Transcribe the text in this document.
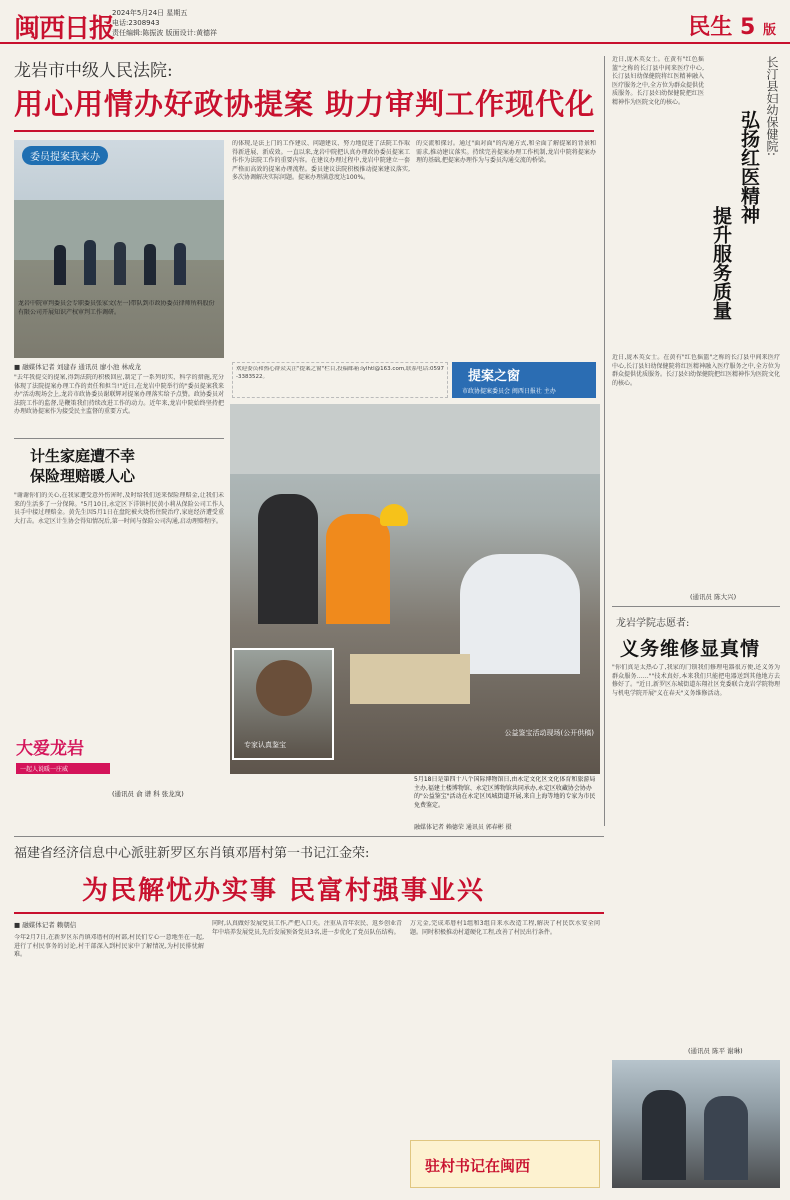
闽西日报
2024年5月24日 星期五
电话:2308943
责任编辑:陈振波 版面设计:黄德祥	民生 5 版
龙岩市中级人民法院:
用心用情办好政协提案 助力审判工作现代化
委员提案我来办
龙岩中院审判委员会专职委员张家文(左一)带队到市政协委员律师所料股份有限公司开展知识产权审判工作调研。
■ 融媒体记者 刘建春 通讯员 廖小池 林成龙
"去年我提交的提案,得到法院的积极回应,制定了一系列切实、科学的措施,充分体现了法院提案办理工作的责任和担当!"近日,在龙岩中院举行的"委员提案我来办"活动现场会上,龙岩市政协委员谢联辉对提案办理落实给予点赞。政协委员对法院工作的监督,是鞭策我们持续改进工作的动力。近年来,龙岩中院始终坚持把办理政协提案作为接受民主监督的重要方式。
的体现,是法上门的工作建议、问题建议、努力地促进了法院工作取得新进展、新成效。一直以来,龙岩中院把认真办理政协委员提案工作作为法院工作的重要内容。在建议办理过程中,龙岩中院建立一套严格而高效的提案办理流程。委员建议法院积极推动提案建议落实,多次协调解决实际问题。提案办理满意度达100%。
的交流和探讨。通过"面对面"的沟通方式,和全面了解提案的背景和需求,推动建议落实。持续完善提案办理工作机制,龙岩中院将提案办理的基础,把提案办理作为与委员沟通交流的桥梁。
欢迎委员和热心群众关注"提案之窗"栏目,投稿邮箱:lylhtl@163.com,联系电话:0597-3383522。	提案之窗
市政协提案委员会 闽西日报社 主办
计生家庭遭不幸
保险理赔暖人心
"谢谢你们的关心,在我家遭受意外伤害时,及时给我们送来保险理赔金,让我们未来的生活多了一分保障。"5月10日,永定区下洋镇村民黄小莉从保险公司工作人员手中接过理赔金。黄先生因5月1日在盘陀被火烧伤住院治疗,家庭经济遭受重大打击。永定区计生协会得知情况后,第一时间与保险公司沟通,启动理赔程序。
大爱龙岩
一起人说暖一庄威
(通讯员 俞 谱 科 张龙岚)
公益鉴宝活动现场(公开供稿)
专家认真鉴宝
5月18日是第四十八个国际博物馆日,由永定文化区文化体育和旅游局主办,福建土楼博物馆、永定区博物馆共同承办,永定区收藏协会协办的"公益鉴宝"活动在永定区凤城街道开展,来自上海等地的专家为市民免费鉴定。
融媒体记者 赖德荣 通讯员 郭春彬 摄
长汀县妇幼保健院:
弘扬红医精神
提升服务质量
近日,庞木英女士。在黄有"红色摇篮"之称的长汀县中间来医疗中心,长汀县妇幼保健院将红医精神融入医疗服务之中,全方位为群众提供优质服务。长汀县妇幼保健院把红医精神作为医院文化的核心。
近日,庞木英女士。在黄有"红色摇篮"之称的长汀县中间来医疗中心,长汀县妇幼保健院将红医精神融入医疗服务之中,全方位为群众提供优质服务。长汀县妇幼保健院把红医精神作为医院文化的核心。
(通讯员 陈大兴)
龙岩学院志愿者:
义务维修显真情
"你们真是太热心了,我家的门锁我们修理电器很方便,还义务为群众服务……""技术真好,本来我们只能把电器送到其他地方去修好了。"近日,新罗区东城街道东翔社区党委联合龙岩学院物理与机电学院开展"义在春天"义务维修活动。
(通讯员 陈平 谢琳)
福建省经济信息中心派驻新罗区东肖镇邓厝村第一书记江金荣:
为民解忧办实事 民富村强事业兴
■ 融媒体记者 赖朝信
今年2月7日,在新罗区东肖镇邓厝村的村部,村民们专心一意地坐在一起,进行了村民事务的讨论,村干部深入到村民家中了解情况,为村民排忧解难。
同时,认真做好发展党员工作,严把入口关。注重从青年农民、返乡创业青年中培养发展党员,先后发展预备党员3名,进一步优化了党员队伍结构。
万元金,完成邓厝村1组和3组自来水改造工程,解决了村民饮水安全问题。同时积极推动村道硬化工程,改善了村民出行条件。
驻村书记在闽西
